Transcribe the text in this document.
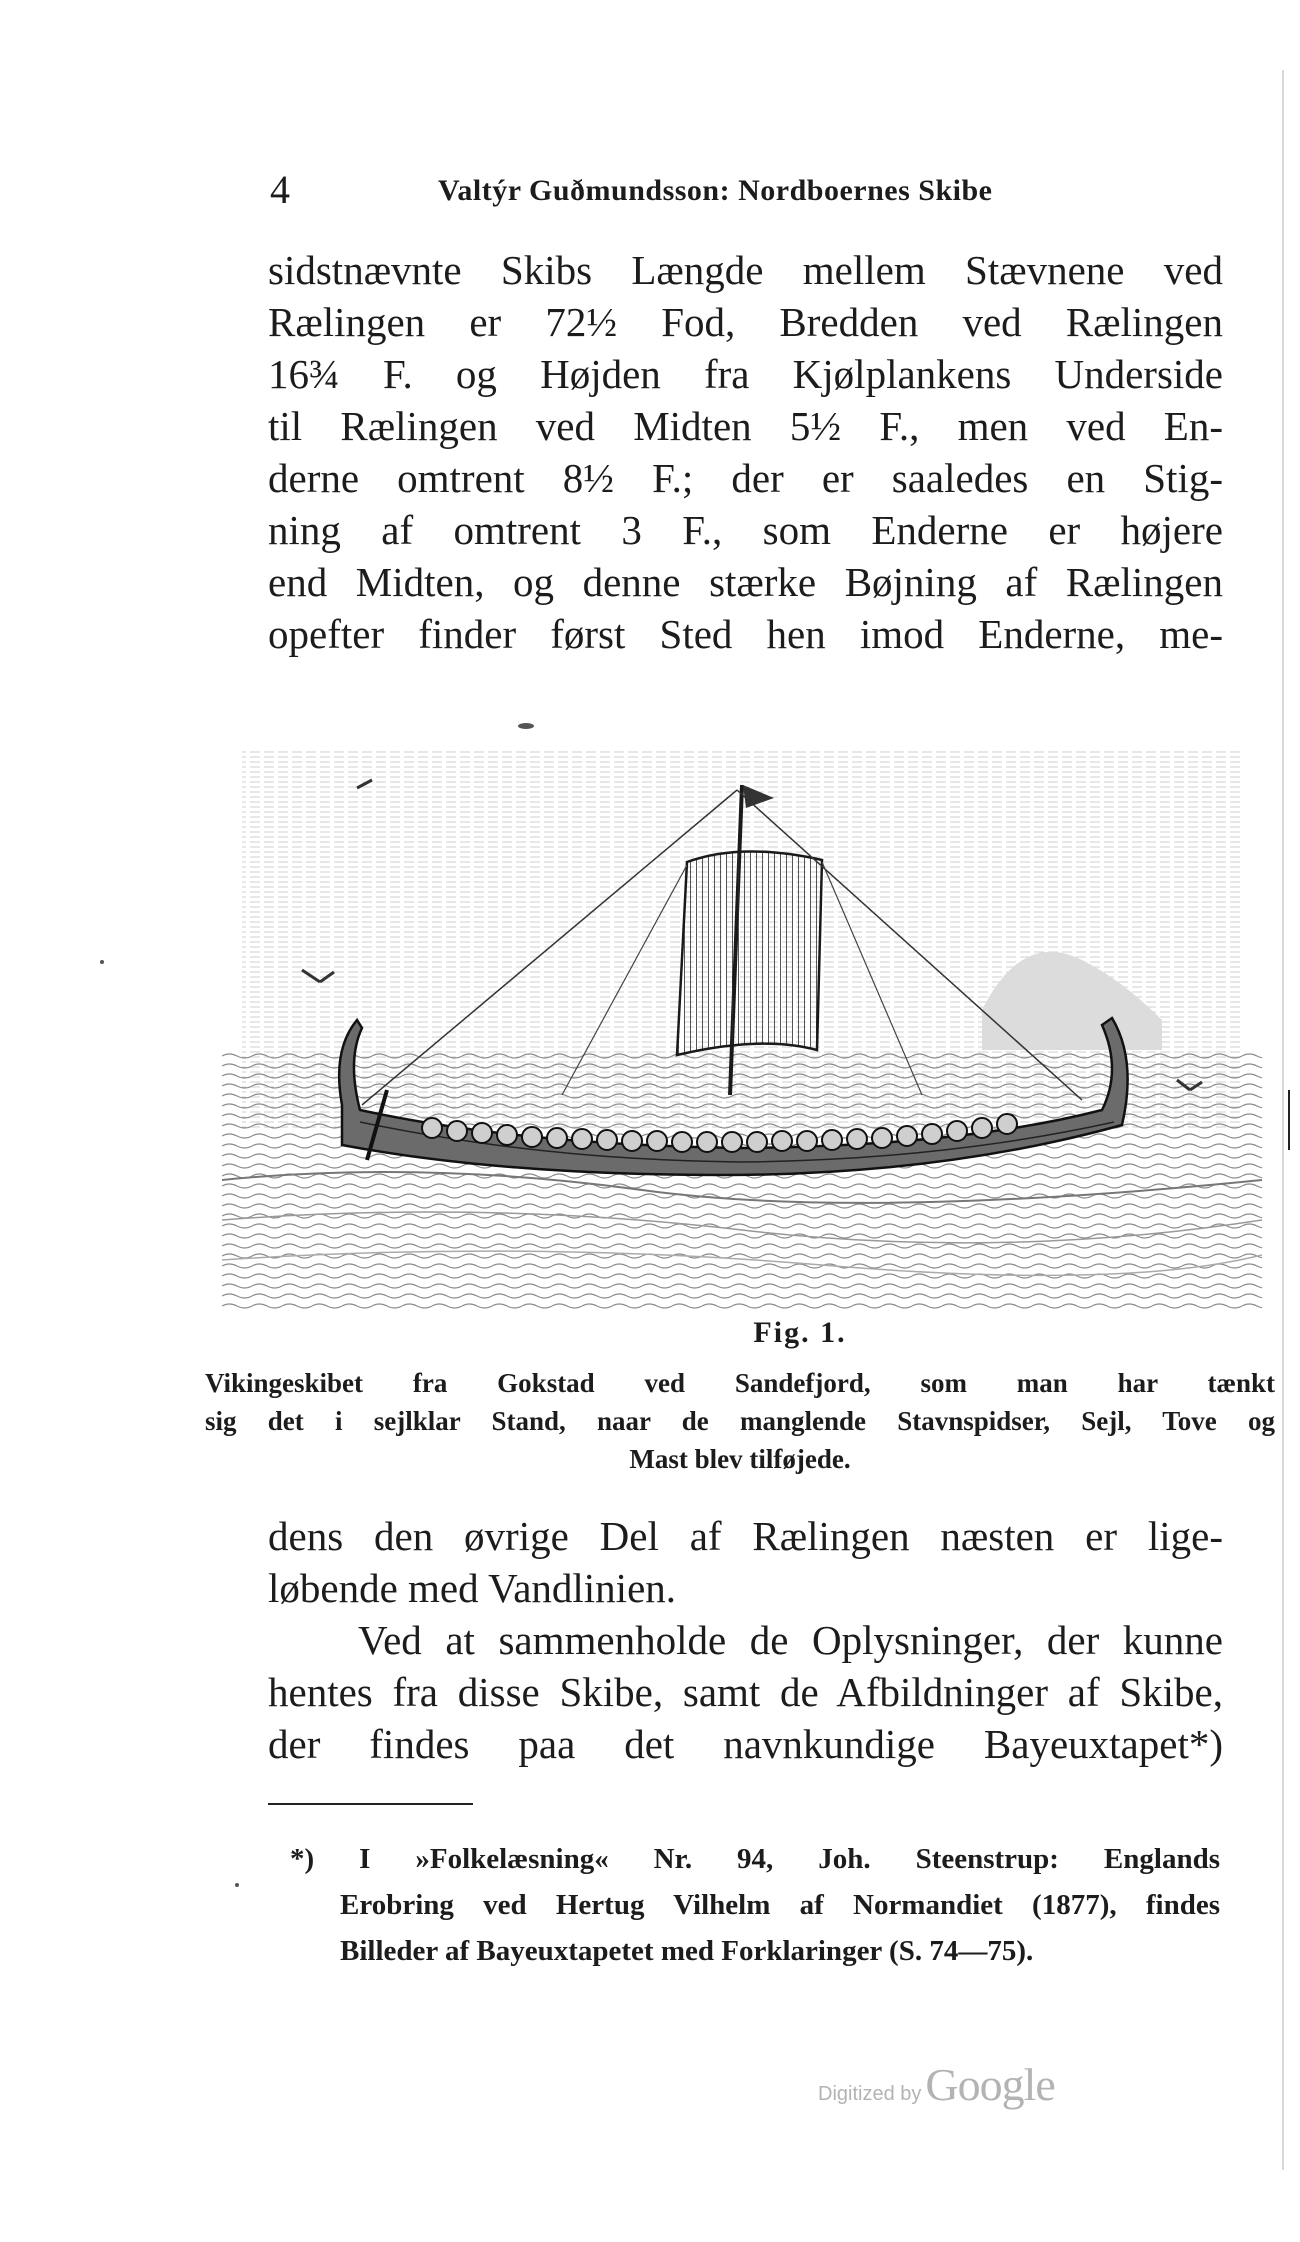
4	Valtýr Guðmundsson: Nordboernes Skibe
sidstnævnte Skibs Længde mellem Stævnene ved
Rælingen er 72½ Fod, Bredden ved Rælingen
16¾ F. og Højden fra Kjølplankens Underside
til Rælingen ved Midten 5½ F., men ved En-
derne omtrent 8½ F.; der er saaledes en Stig-
ning af omtrent 3 F., som Enderne er højere
end Midten, og denne stærke Bøjning af Rælingen
opefter finder først Sted hen imod Enderne, me-
Fig. 1.
Vikingeskibet fra Gokstad ved Sandefjord, som man har tænkt
sig det i sejlklar Stand, naar de manglende Stavnspidser, Sejl, Tove og
Mast blev tilføjede.
dens den øvrige Del af Rælingen næsten er lige-
løbende med Vandlinien.
Ved at sammenholde de Oplysninger, der kunne
hentes fra disse Skibe, samt de Afbildninger af Skibe,
der findes paa det navnkundige Bayeuxtapet*)
*) I »Folkelæsning« Nr. 94, Joh. Steenstrup: Englands
Erobring ved Hertug Vilhelm af Normandiet (1877), findes
Billeder af Bayeuxtapetet med Forklaringer (S. 74—75).
Digitized by Google
